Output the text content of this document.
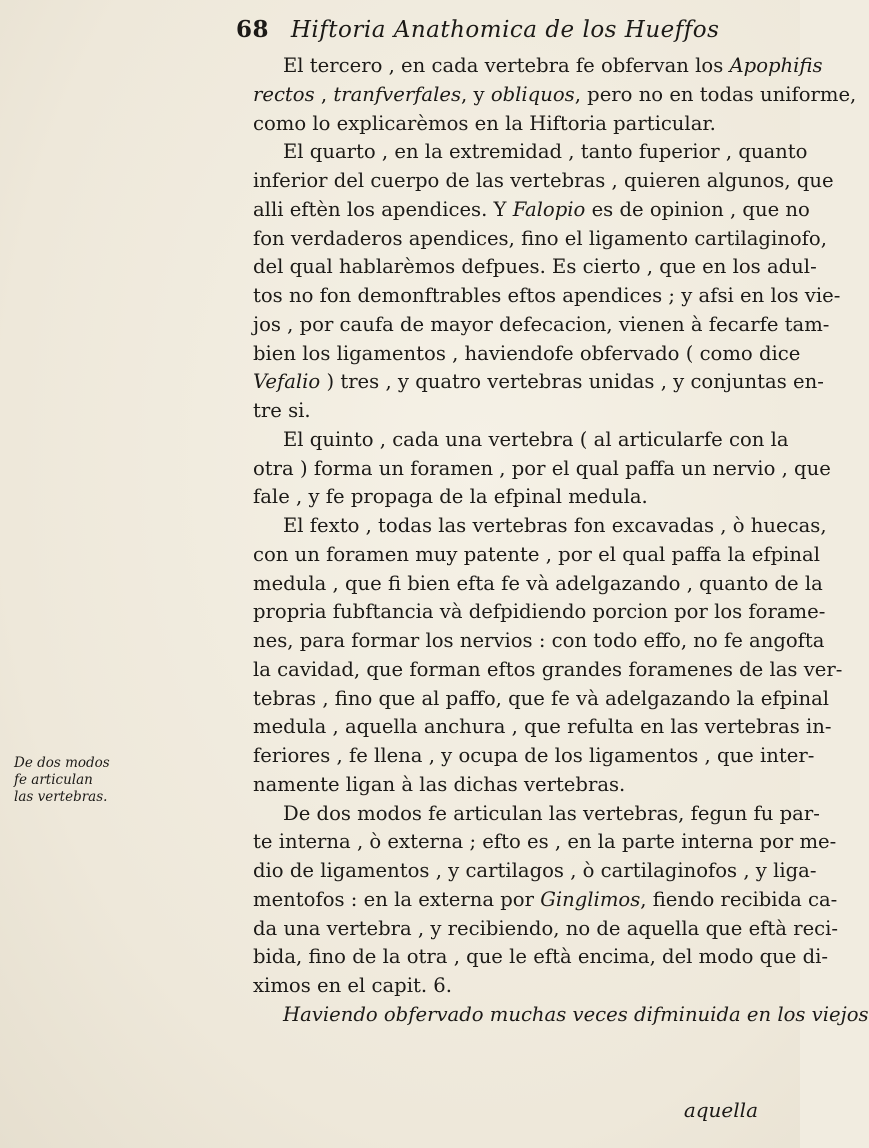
68 Hiftoria Anathomica de los Hueffos
De dos modos
fe articulan
las vertebras.

El tercero , en cada vertebra fe obfervan los Apophifis
rectos , tranfverfales, y obliquos, pero no en todas uniforme,
como lo explicarèmos en la Hiftoria particular.

El quarto , en la extremidad , tanto fuperior , quanto
inferior del cuerpo de las vertebras , quieren algunos, que
alli eftèn los apendices. Y Falopio es de opinion , que no
fon verdaderos apendices, fino el ligamento cartilaginofo,
del qual hablarèmos defpues. Es cierto , que en los adul-
tos no fon demonftrables eftos apendices ; y afsi en los vie-
jos , por caufa de mayor defecacion, vienen à fecarfe tam-
bien los ligamentos , haviendofe obfervado ( como dice
Vefalio ) tres , y quatro vertebras unidas , y conjuntas en-
tre si.

El quinto , cada una vertebra ( al articularfe con la
otra ) forma un foramen , por el qual paffa un nervio , que
fale , y fe propaga de la efpinal medula.

El fexto , todas las vertebras fon excavadas , ò huecas,
con un foramen muy patente , por el qual paffa la efpinal
medula , que fi bien efta fe và adelgazando , quanto de la
propria fubftancia và defpidiendo porcion por los forame-
nes, para formar los nervios : con todo effo, no fe angofta
la cavidad, que forman eftos grandes foramenes de las ver-
tebras , fino que al paffo, que fe và adelgazando la efpinal
medula , aquella anchura , que refulta en las vertebras in-
feriores , fe llena , y ocupa de los ligamentos , que inter-
namente ligan à las dichas vertebras.

De dos modos fe articulan las vertebras, fegun fu par-
te interna , ò externa ; efto es , en la parte interna por me-
dio de ligamentos , y cartilagos , ò cartilaginofos , y liga-
mentofos : en la externa por Ginglimos, fiendo recibida ca-
da una vertebra , y recibiendo, no de aquella que eftà reci-
bida, fino de la otra , que le eftà encima, del modo que di-
ximos en el capit. 6.

Haviendo obfervado muchas veces difminuida en los viejos

aquella
